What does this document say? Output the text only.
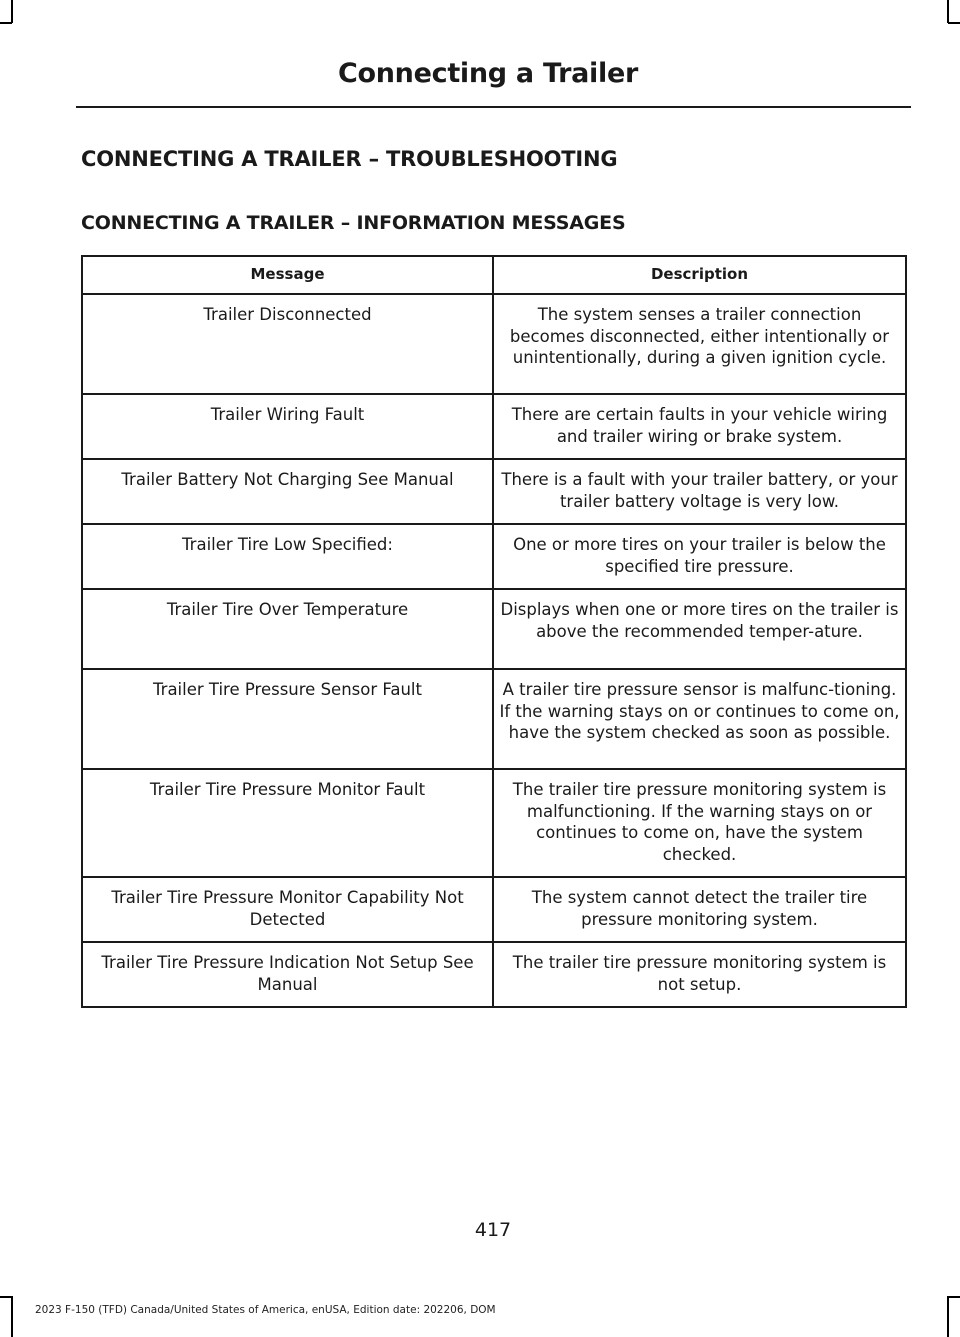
Connecting a Trailer
CONNECTING A TRAILER – TROUBLESHOOTING
CONNECTING A TRAILER – INFORMATION MESSAGES
Message	Description
Trailer Disconnected	The system senses a trailer connection becomes disconnected, either intentionally or unintentionally, during a given ignition cycle.
Trailer Wiring Fault	There are certain faults in your vehicle wiring and trailer wiring or brake system.
Trailer Battery Not Charging See Manual	There is a fault with your trailer battery, or your trailer battery voltage is very low.
Trailer Tire Low Specified:	One or more tires on your trailer is below the specified tire pressure.
Trailer Tire Over Temperature	Displays when one or more tires on the trailer is above the recommended temper-ature.
Trailer Tire Pressure Sensor Fault	A trailer tire pressure sensor is malfunc-tioning. If the warning stays on or continues to come on, have the system checked as soon as possible.
Trailer Tire Pressure Monitor Fault	The trailer tire pressure monitoring system is malfunctioning. If the warning stays on or continues to come on, have the system checked.
Trailer Tire Pressure Monitor Capability Not Detected	The system cannot detect the trailer tire pressure monitoring system.
Trailer Tire Pressure Indication Not Setup See Manual	The trailer tire pressure monitoring system is not setup.
417
2023 F-150 (TFD) Canada/United States of America, enUSA, Edition date: 202206, DOM
